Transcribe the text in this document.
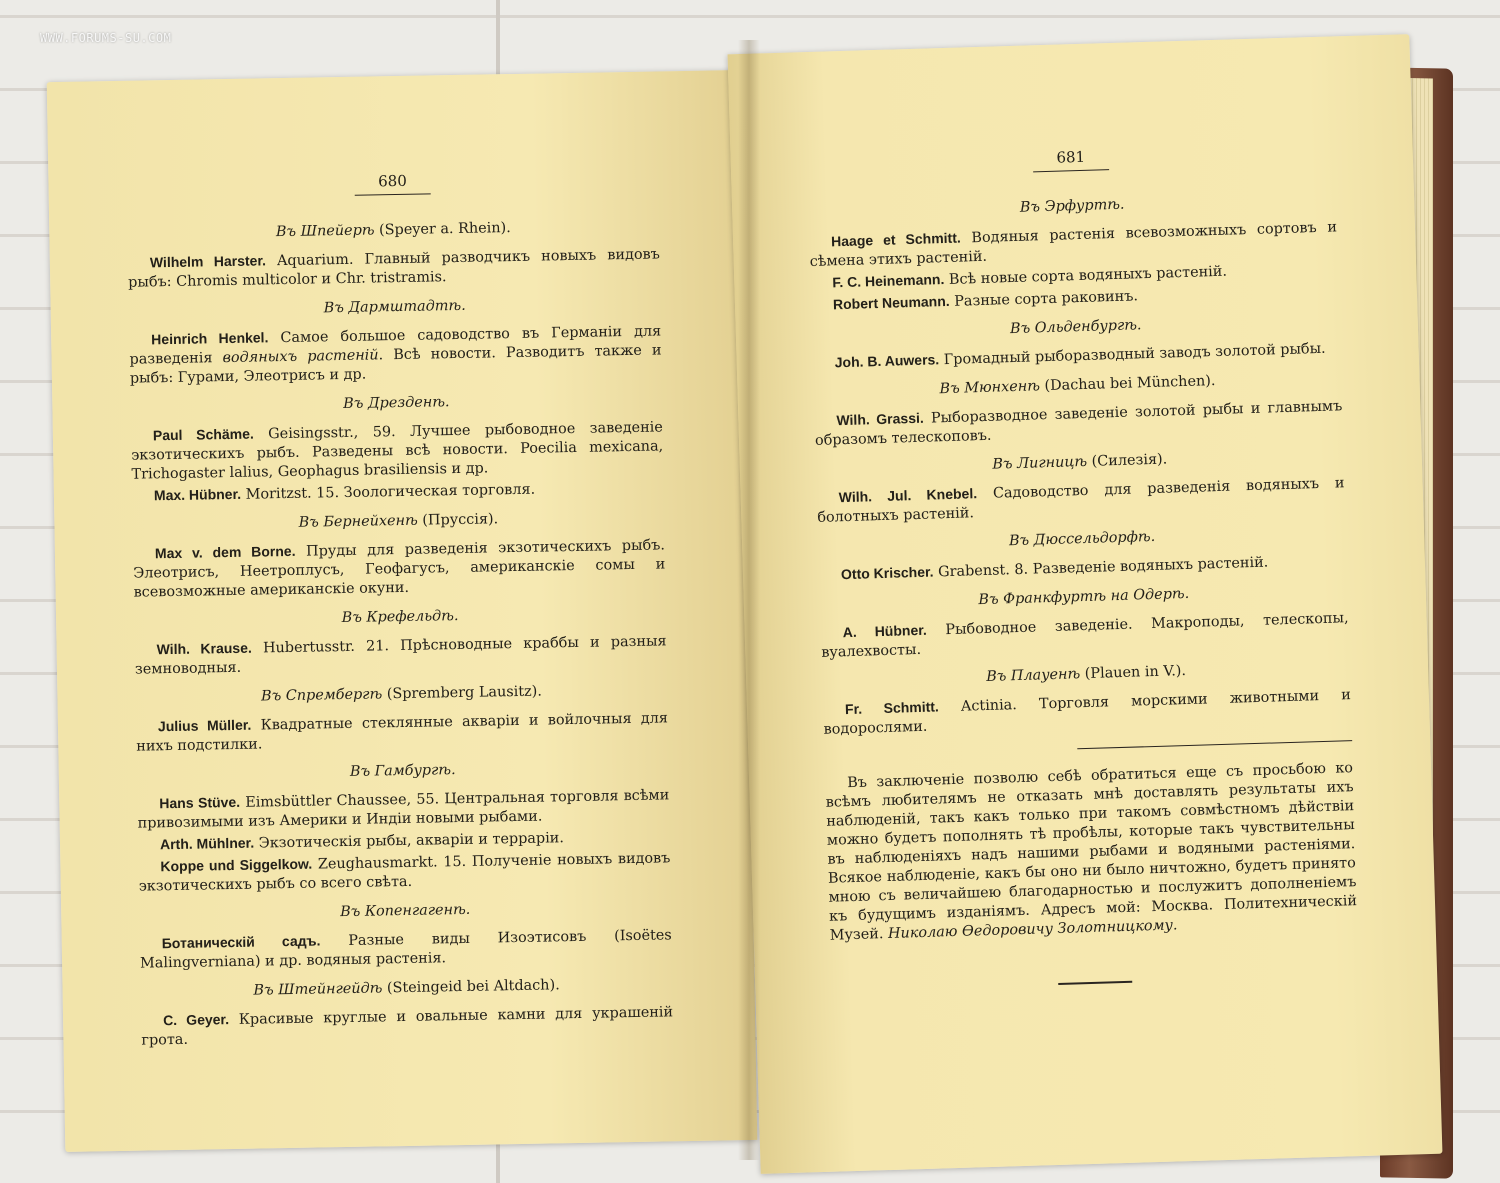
WWW.FORUMS-SU.COM
680
Въ Шпейерѣ (Speyer a. Rhein).
Wilhelm Harster. Aquarium. Главный разводчикъ новыхъ видовъ рыбъ: Chromis multicolor и Chr. tristramis.
Въ Дармштадтѣ.
Heinrich Henkel. Самое большое садоводство въ Германіи для разведенія водяныхъ растеній. Всѣ новости. Разводитъ также и рыбъ: Гурами, Элеотрисъ и др.
Въ Дрезденѣ.
Paul Schäme. Geisingsstr., 59. Лучшее рыбоводное заведеніе экзотическихъ рыбъ. Разведены всѣ новости. Poecilia mexicana, Trichogaster lalius, Geophagus brasiliensis и др.
Max. Hübner. Moritzst. 15. Зоологическая торговля.
Въ Бернейхенѣ (Пруссія).
Max v. dem Borne. Пруды для разведенія экзотическихъ рыбъ. Элеотрисъ, Неетроплусъ, Геофагусъ, американскіе сомы и всевозможные американскіе окуни.
Въ Крефельдѣ.
Wilh. Krause. Hubertusstr. 21. Прѣсноводные краббы и разныя земноводныя.
Въ Спрембергѣ (Spremberg Lausitz).
Julius Müller. Квадратные стеклянные акваріи и войлочныя для нихъ подстилки.
Въ Гамбургѣ.
Hans Stüve. Eimsbüttler Chaussee, 55. Центральная торговля всѣми привозимыми изъ Америки и Индіи новыми рыбами.
Arth. Mühlner. Экзотическія рыбы, акваріи и терраріи.
Koppe und Siggelkow. Zeughausmarkt. 15. Полученіе новыхъ видовъ экзотическихъ рыбъ со всего свѣта.
Въ Копенгагенѣ.
Ботаническій садъ. Разные виды Изоэтисовъ (Isoëtes Malingverniana) и др. водяныя растенія.
Въ Штейнгейдѣ (Steingeid bei Altdach).
C. Geyer. Красивые круглые и овальные камни для украшеній грота.
681
Въ Эрфуртѣ.
Haage et Schmitt. Водяныя растенія всевозможныхъ сортовъ и сѣмена этихъ растеній.
F. C. Heinemann. Всѣ новые сорта водяныхъ растеній.
Robert Neumann. Разные сорта раковинъ.
Въ Ольденбургѣ.
Joh. B. Auwers. Громадный рыборазводный заводъ золотой рыбы.
Въ Мюнхенѣ (Dachau bei München).
Wilh. Grassi. Рыборазводное заведеніе золотой рыбы и главнымъ образомъ телескоповъ.
Въ Лигницѣ (Силезія).
Wilh. Jul. Knebel. Садоводство для разведенія водяныхъ и болотныхъ растеній.
Въ Дюссельдорфѣ.
Otto Krischer. Grabenst. 8. Разведеніе водяныхъ растеній.
Въ Франкфуртѣ на Одерѣ.
A. Hübner. Рыбоводное заведеніе. Макроподы, телескопы, вуалехвосты.
Въ Плауенѣ (Plauen in V.).
Fr. Schmitt. Actinia. Торговля морскими животными и водорослями.

Въ заключеніе позволю себѣ обратиться еще съ просьбою ко всѣмъ любителямъ не отказать мнѣ доставлять результаты ихъ наблюденій, такъ какъ только при такомъ совмѣстномъ дѣйствіи можно будетъ пополнять тѣ пробѣлы, которые такъ чувствительны въ наблюденіяхъ надъ нашими рыбами и водяными растеніями. Всякое наблюденіе, какъ бы оно ни было ничтожно, будетъ принято мною съ величайшею благодарностью и послужитъ дополненіемъ къ будущимъ изданіямъ. Адресъ мой: Москва. Политехническій Музей. Николаю Ѳедоровичу Золотницкому.
